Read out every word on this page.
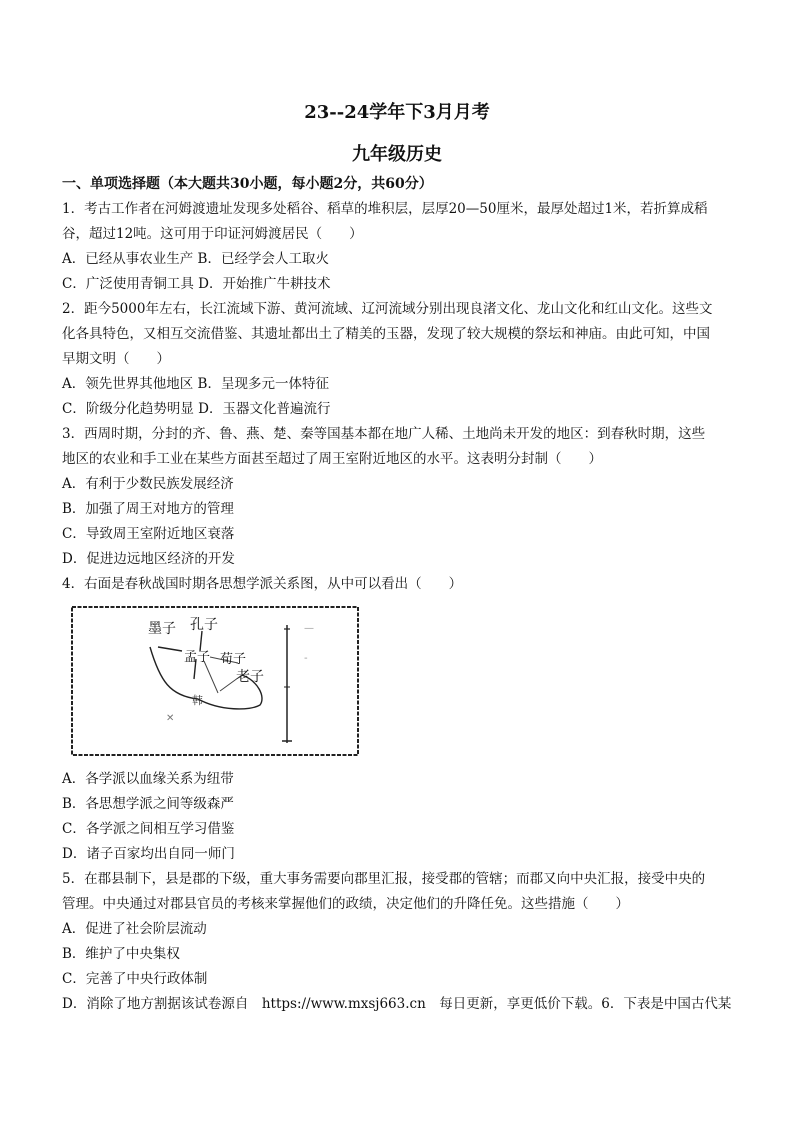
23--24学年下3月月考
九年级历史
一、单项选择题（本大题共30小题，每小题2分，共60分）
1．考古工作者在河姆渡遗址发现多处稻谷、稻草的堆积层，层厚20—50厘米，最厚处超过1米，若折算成稻
谷，超过12吨。这可用于印证河姆渡居民（　　）
A．已经从事农业生产 B．已经学会人工取火
C．广泛使用青铜工具 D．开始推广牛耕技术
2．距今5000年左右，长江流域下游、黄河流域、辽河流域分别出现良渚文化、龙山文化和红山文化。这些文
化各具特色，又相互交流借鉴、其遗址都出土了精美的玉器，发现了较大规模的祭坛和神庙。由此可知，中国
早期文明（　　）
A．领先世界其他地区 B．呈现多元一体特征
C．阶级分化趋势明显 D．玉器文化普遍流行
3．西周时期，分封的齐、鲁、燕、楚、秦等国基本都在地广人稀、土地尚未开发的地区：到春秋时期，这些
地区的农业和手工业在某些方面甚至超过了周王室附近地区的水平。这表明分封制（　　）
A．有利于少数民族发展经济
B．加强了周王对地方的管理
C．导致周王室附近地区衰落
D．促进边远地区经济的开发
4．右面是春秋战国时期各思想学派关系图，从中可以看出（　　）
墨子 孔子
孟子 荀子
老子
韩
✕
—
-
A．各学派以血缘关系为纽带
B．各思想学派之间等级森严
C．各学派之间相互学习借鉴
D．诸子百家均出自同一师门
5．在郡县制下，县是郡的下级，重大事务需要向郡里汇报，接受郡的管辖；而郡又向中央汇报，接受中央的
管理。中央通过对郡县官员的考核来掌握他们的政绩，决定他们的升降任免。这些措施（　　）
A．促进了社会阶层流动
B．维护了中央集权
C．完善了中央行政体制
D．消除了地方割据该试卷源自　https://www.mxsj663.cn　每日更新，享更低价下载。6．下表是中国古代某
